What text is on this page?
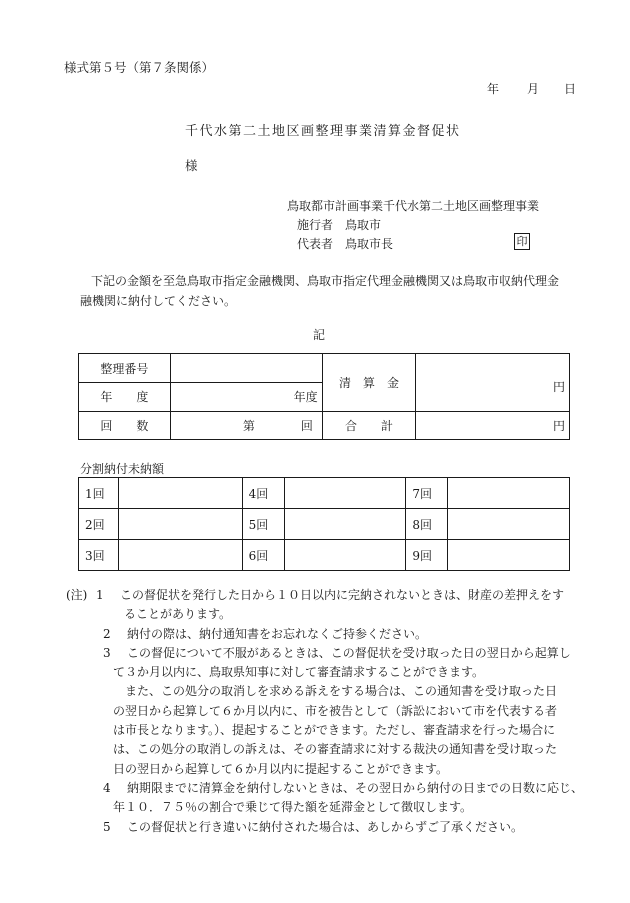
様式第５号（第７条関係）
年 月 日
千代水第二土地区画整理事業清算金督促状
様
鳥取都市計画事業千代水第二土地区画整理事業
施行者　 鳥取市
代表者　 鳥取市長	印
下記の金額を至急鳥取市指定金融機関、鳥取市指定代理金融機関又は鳥取市収納代理金融機関に納付してください。
記
整理番号		清　算　金	円
年　　度	年度		
回　　数	第 回	合　　計	円
分割納付未納額
1回		4回		7回	
2回		5回		8回	
3回		6回		9回	
(注) 1　この督促状を発行した日から１０日以内に完納されないときは、財産の差押えをす
ることがあります。
2　納付の際は、納付通知書をお忘れなくご持参ください。
3　この督促について不服があるときは、この督促状を受け取った日の翌日から起算し
て３か月以内に、鳥取県知事に対して審査請求することができます。
　また、この処分の取消しを求める訴えをする場合は、この通知書を受け取った日
の翌日から起算して６か月以内に、市を被告として（訴訟において市を代表する者
は市長となります。）、提起することができます。ただし、審査請求を行った場合に
は、この処分の取消しの訴えは、その審査請求に対する裁決の通知書を受け取った
日の翌日から起算して６か月以内に提起することができます。
4　納期限までに清算金を納付しないときは、その翌日から納付の日までの日数に応じ、
年１０．７５％の割合で乗じて得た額を延滞金として徴収します。
5　この督促状と行き違いに納付された場合は、あしからずご了承ください。
